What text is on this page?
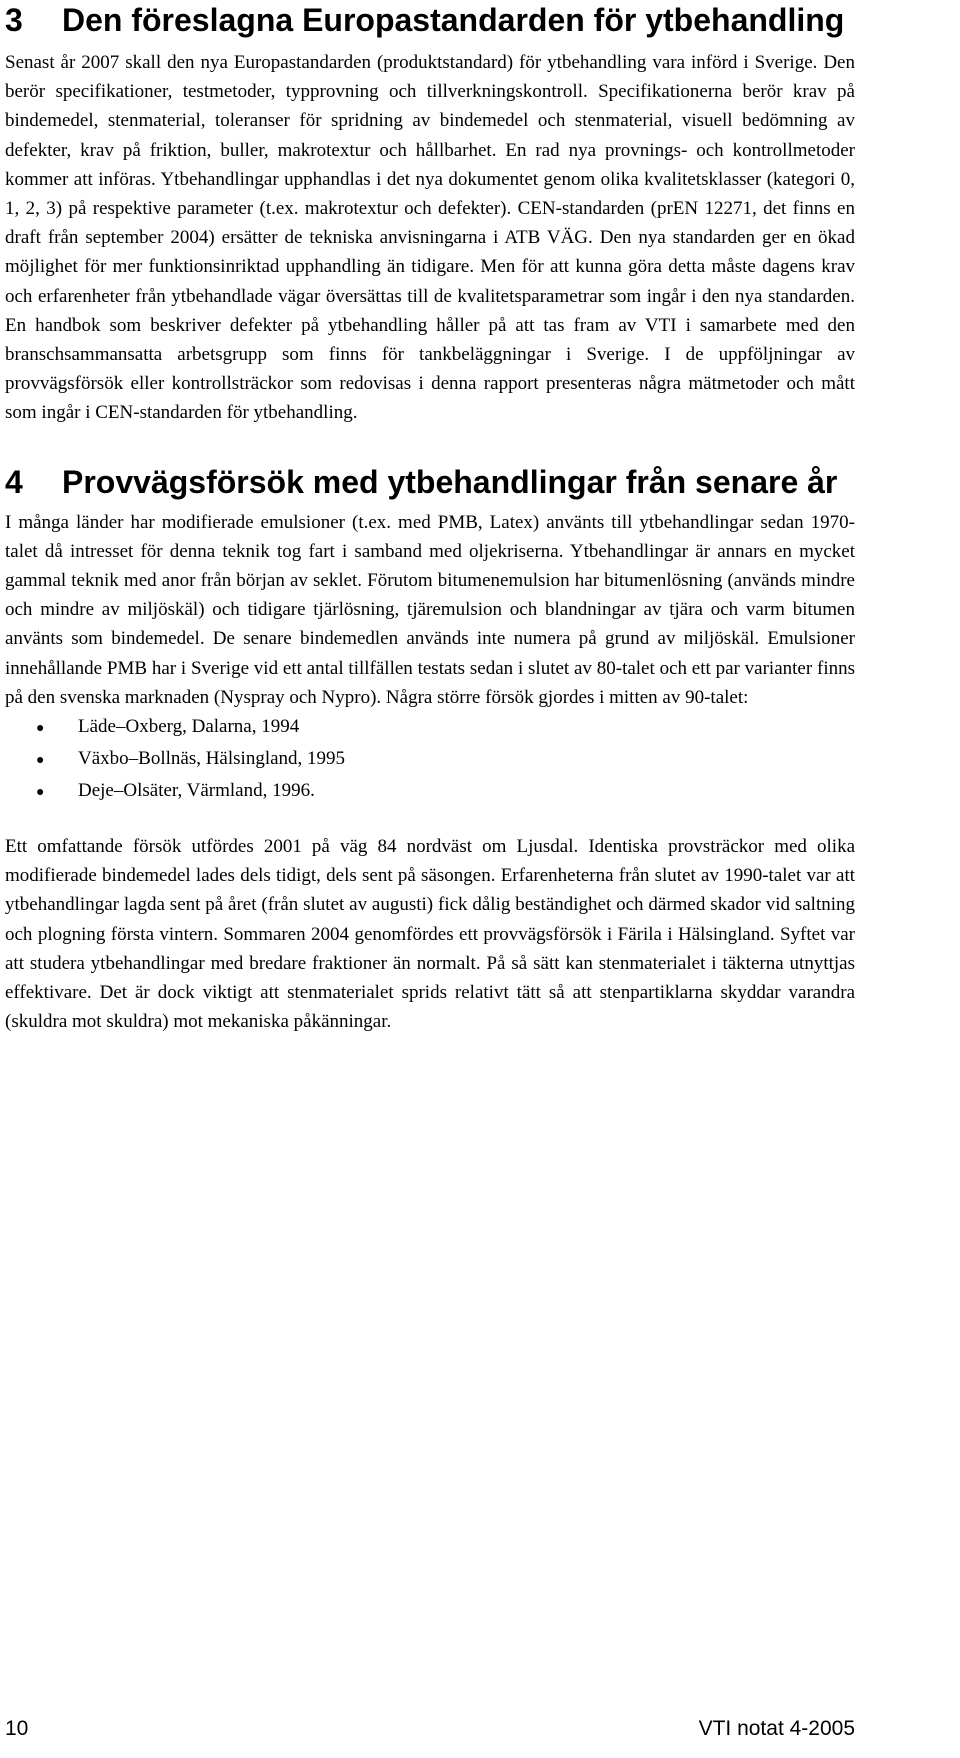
3	Den föreslagna Europastandarden för ytbehandling

Senast år 2007 skall den nya Europastandarden (produktstandard) för ytbehandling vara införd i Sverige. Den berör specifikationer, testmetoder, typprovning och tillverkningskontroll. Specifikationerna berör krav på bindemedel, stenmaterial, toleranser för spridning av bindemedel och stenmaterial, visuell bedömning av defekter, krav på friktion, buller, makrotextur och hållbarhet. En rad nya provnings- och kontrollmetoder kommer att införas. Ytbehandlingar upphandlas i det nya dokumentet genom olika kvalitetsklasser (kategori 0, 1, 2, 3) på respektive parameter (t.ex. makrotextur och defekter). CEN-standarden (prEN 12271, det finns en draft från september 2004) ersätter de tekniska anvisningarna i ATB VÄG. Den nya standarden ger en ökad möjlighet för mer funktionsinriktad upphandling än tidigare. Men för att kunna göra detta måste dagens krav och erfarenheter från ytbehandlade vägar översättas till de kvalitetsparametrar som ingår i den nya standarden. En handbok som beskriver defekter på ytbehandling håller på att tas fram av VTI i samarbete med den branschsammansatta arbetsgrupp som finns för tankbeläggningar i Sverige. I de uppföljningar av provvägsförsök eller kontrollsträckor som redovisas i denna rapport presenteras några mätmetoder och mått som ingår i CEN-standarden för ytbehandling.

4	Provvägsförsök med ytbehandlingar från senare år

I många länder har modifierade emulsioner (t.ex. med PMB, Latex) använts till ytbehandlingar sedan 1970-talet då intresset för denna teknik tog fart i samband med oljekriserna. Ytbehandlingar är annars en mycket gammal teknik med anor från början av seklet. Förutom bitumenemulsion har bitumenlösning (används mindre och mindre av miljöskäl) och tidigare tjärlösning, tjäremulsion och blandningar av tjära och varm bitumen använts som bindemedel. De senare bindemedlen används inte numera på grund av miljöskäl. Emulsioner innehållande PMB har i Sverige vid ett antal tillfällen testats sedan i slutet av 80-talet och ett par varianter finns på den svenska marknaden (Nyspray och Nypro). Några större försök gjordes i mitten av 90-talet:

●	Läde–Oxberg, Dalarna, 1994
●	Växbo–Bollnäs, Hälsingland, 1995
●	Deje–Olsäter, Värmland, 1996.

Ett omfattande försök utfördes 2001 på väg 84 nordväst om Ljusdal. Identiska provsträckor med olika modifierade bindemedel lades dels tidigt, dels sent på säsongen. Erfarenheterna från slutet av 1990-talet var att ytbehandlingar lagda sent på året (från slutet av augusti) fick dålig beständighet och därmed skador vid saltning och plogning första vintern. Sommaren 2004 genomfördes ett provvägsförsök i Färila i Hälsingland. Syftet var att studera ytbehandlingar med bredare fraktioner än normalt. På så sätt kan stenmaterialet i täkterna utnyttjas effektivare. Det är dock viktigt att stenmaterialet sprids relativt tätt så att stenpartiklarna skyddar varandra (skuldra mot skuldra) mot mekaniska påkänningar.

10	VTI notat 4-2005
